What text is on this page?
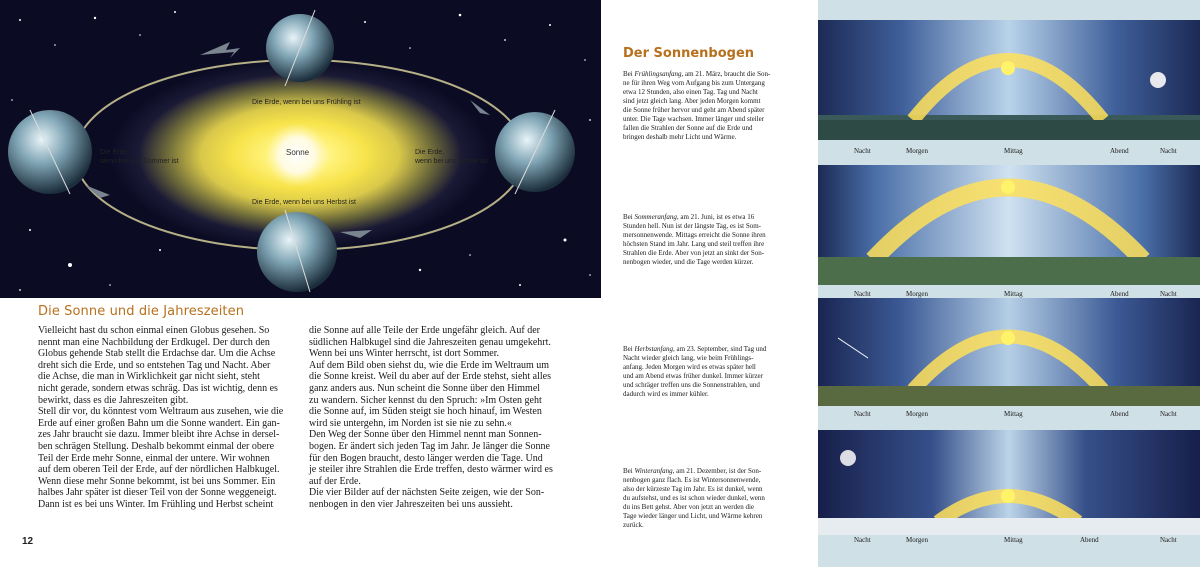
Sonne
Die Erde, wenn bei uns Frühling ist
Die Erde,
wenn bei uns Sommer ist
Die Erde,
wenn bei uns Winter ist
Die Erde, wenn bei uns Herbst ist
Die Sonne und die Jahreszeiten

Vielleicht hast du schon einmal einen Globus gesehen. So

nennt man eine Nachbildung der Erdkugel. Der durch den

Globus gehende Stab stellt die Erdachse dar. Um die Achse

dreht sich die Erde, und so entstehen Tag und Nacht. Aber

die Achse, die man in Wirklichkeit gar nicht sieht, steht

nicht gerade, sondern etwas schräg. Das ist wichtig, denn es

bewirkt, dass es die Jahreszeiten gibt.

Stell dir vor, du könntest vom Weltraum aus zusehen, wie die

Erde auf einer großen Bahn um die Sonne wandert. Ein gan-

zes Jahr braucht sie dazu. Immer bleibt ihre Achse in dersel-

ben schrägen Stellung. Deshalb bekommt einmal der obere

Teil der Erde mehr Sonne, einmal der untere. Wir wohnen

auf dem oberen Teil der Erde, auf der nördlichen Halbkugel.

Wenn diese mehr Sonne bekommt, ist bei uns Sommer. Ein

halbes Jahr später ist dieser Teil von der Sonne weggeneigt.

Dann ist es bei uns Winter. Im Frühling und Herbst scheint

die Sonne auf alle Teile der Erde ungefähr gleich. Auf der

südlichen Halbkugel sind die Jahreszeiten genau umgekehrt.

Wenn bei uns Winter herrscht, ist dort Sommer.

Auf dem Bild oben siehst du, wie die Erde im Weltraum um

die Sonne kreist. Weil du aber auf der Erde stehst, sieht alles

ganz anders aus. Nun scheint die Sonne über den Himmel

zu wandern. Sicher kennst du den Spruch: »Im Osten geht

die Sonne auf, im Süden steigt sie hoch hinauf, im Westen

wird sie untergehn, im Norden ist sie nie zu sehn.«

Den Weg der Sonne über den Himmel nennt man Sonnen-

bogen. Er ändert sich jeden Tag im Jahr. Je länger die Sonne

für den Bogen braucht, desto länger werden die Tage. Und

je steiler ihre Strahlen die Erde treffen, desto wärmer wird es

auf der Erde.

Die vier Bilder auf der nächsten Seite zeigen, wie der Son-

nenbogen in den vier Jahreszeiten bei uns aussieht.

12
Der Sonnenbogen
Bei Frühlingsanfang, am 21. März, braucht die Son-
ne für ihren Weg vom Aufgang bis zum Untergang
etwa 12 Stunden, also einen Tag. Tag und Nacht
sind jetzt gleich lang. Aber jeden Morgen kommt
die Sonne früher hervor und geht am Abend später
unter. Die Tage wachsen. Immer länger und steiler
fallen die Strahlen der Sonne auf die Erde und
bringen deshalb mehr Licht und Wärme.
Bei Sommeranfang, am 21. Juni, ist es etwa 16
Stunden hell. Nun ist der längste Tag, es ist Som-
mersonnenwende. Mittags erreicht die Sonne ihren
höchsten Stand im Jahr. Lang und steil treffen ihre
Strahlen die Erde. Aber von jetzt an sinkt der Son-
nenbogen wieder, und die Tage werden kürzer.
Bei Herbstanfang, am 23. September, sind Tag und
Nacht wieder gleich lang, wie beim Frühlings-
anfang. Jeden Morgen wird es etwas später hell
und am Abend etwas früher dunkel. Immer kürzer
und schräger treffen uns die Sonnenstrahlen, und
dadurch wird es immer kühler.
Bei Winteranfang, am 21. Dezember, ist der Son-
nenbogen ganz flach. Es ist Wintersonnenwende,
also der kürzeste Tag im Jahr. Es ist dunkel, wenn
du aufstehst, und es ist schon wieder dunkel, wenn
du ins Bett gehst. Aber von jetzt an werden die
Tage wieder länger und Licht, und Wärme kehren
zurück.
Nacht	Morgen	Mittag	Abend	Nacht
Nacht	Morgen	Mittag	Abend	Nacht
Nacht	Morgen	Mittag	Abend	Nacht
Nacht	Morgen	Mittag	Abend	Nacht
